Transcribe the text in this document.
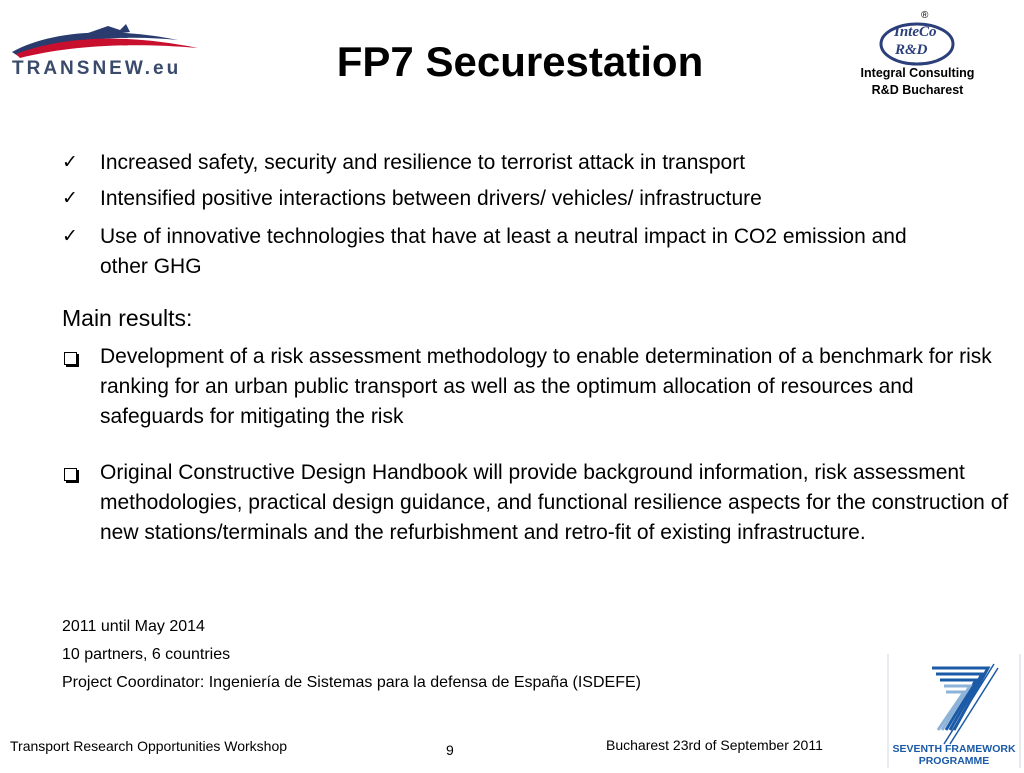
TRANSNEW.eu	FP7 Securestation
®
InteCo
R&D
Integral Consulting
R&D Bucharest
✓	Increased safety, security and resilience to terrorist attack in transport
✓	Intensified positive interactions between drivers/ vehicles/ infrastructure
✓	Use of innovative technologies that have at least a neutral impact in CO2 emission and other GHG
Main results:
Development of a risk assessment methodology to enable determination of a benchmark for risk ranking for an urban public transport as well as the optimum allocation of resources and safeguards for mitigating the risk
Original Constructive Design Handbook will provide background information, risk assessment methodologies, practical design guidance, and functional resilience aspects for the construction of new stations/terminals and the refurbishment and retro-fit of existing infrastructure.
2011 until May 2014
10 partners, 6 countries
Project Coordinator: Ingeniería de Sistemas para la defensa de España (ISDEFE)
Transport Research Opportunities Workshop	9	Bucharest 23rd of September 2011	SEVENTH FRAMEWORK
PROGRAMME
